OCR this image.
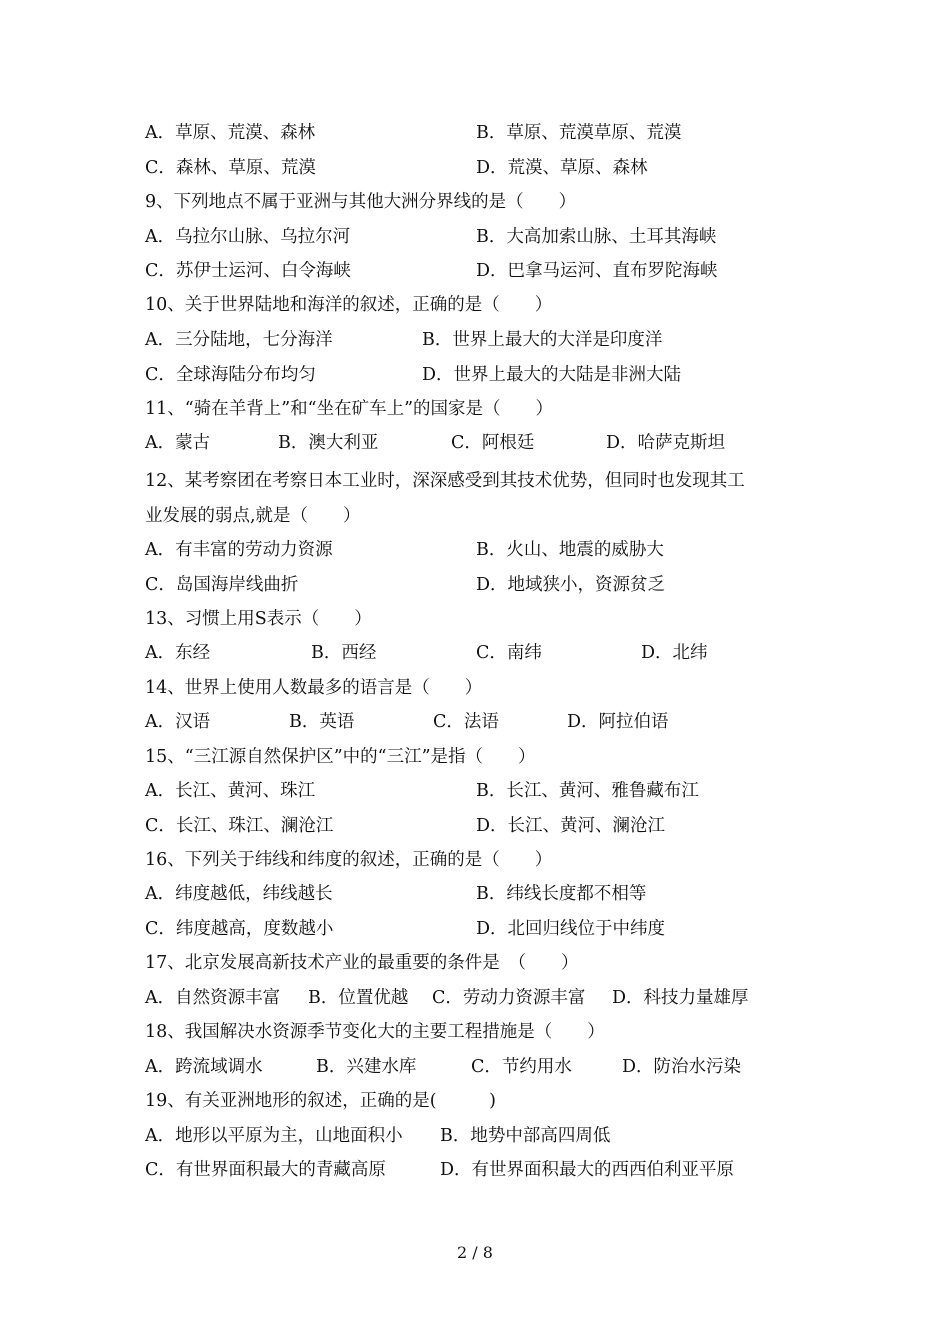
A．草原、荒漠、森林	B．草原、荒漠草原、荒漠
C．森林、草原、荒漠	D．荒漠、草原、森林
9、下列地点不属于亚洲与其他大洲分界线的是（　　）
A．乌拉尔山脉、乌拉尔河	B．大高加索山脉、土耳其海峡
C．苏伊士运河、白令海峡	D．巴拿马运河、直布罗陀海峡
10、关于世界陆地和海洋的叙述，正确的是（　　）
A．三分陆地，七分海洋	B．世界上最大的大洋是印度洋
C．全球海陆分布均匀	D．世界上最大的大陆是非洲大陆
11、“骑在羊背上”和“坐在矿车上”的国家是（　　）
A．蒙古	B．澳大利亚	C．阿根廷	D．哈萨克斯坦
12、某考察团在考察日本工业时，深深感受到其技术优势，但同时也发现其工
业发展的弱点,就是（　　）
A．有丰富的劳动力资源	B．火山、地震的威胁大
C．岛国海岸线曲折	D．地域狭小，资源贫乏
13、习惯上用S表示（　　）
A．东经	B．西经	C．南纬	D．北纬
14、世界上使用人数最多的语言是（　　）
A．汉语	B．英语	C．法语	D．阿拉伯语
15、“三江源自然保护区”中的“三江”是指（　　）
A．长江、黄河、珠江	B．长江、黄河、雅鲁藏布江
C．长江、珠江、澜沧江	D．长江、黄河、澜沧江
16、下列关于纬线和纬度的叙述，正确的是（　　）
A．纬度越低，纬线越长	B．纬线长度都不相等
C．纬度越高，度数越小	D．北回归线位于中纬度
17、北京发展高新技术产业的最重要的条件是　（　　）
A．自然资源丰富 B．位置优越 C．劳动力资源丰富 D．科技力量雄厚
18、我国解决水资源季节变化大的主要工程措施是（　　）
A．跨流域调水	B．兴建水库	C．节约用水	D．防治水污染
19、有关亚洲地形的叙述，正确的是(　　　)
A．地形以平原为主，山地面积小 B．地势中部高四周低
C．有世界面积最大的青藏高原	D．有世界面积最大的西西伯利亚平原
2 / 8
